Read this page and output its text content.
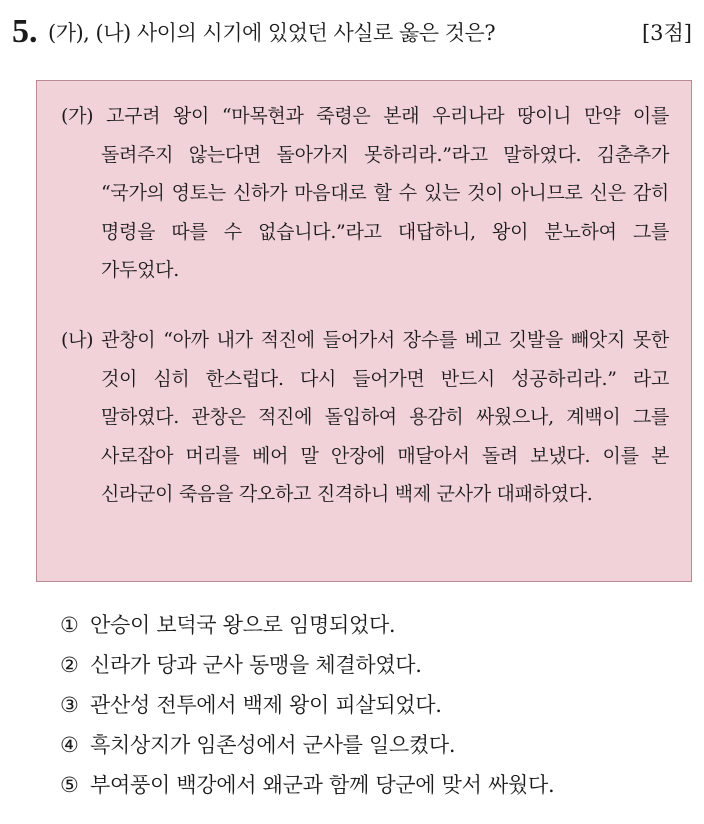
5. (가), (나) 사이의 시기에 있었던 사실로 옳은 것은?	[3점]
(가) 고구려 왕이 “마목현과 죽령은 본래 우리나라 땅이니 만약 이를 돌려주지 않는다면 돌아가지 못하리라.”라고 말하였다. 김춘추가 “국가의 영토는 신하가 마음대로 할 수 있는 것이 아니므로 신은 감히 명령을 따를 수 없습니다.”라고 대답하니, 왕이 분노하여 그를 가두었다.
(나) 관창이 “아까 내가 적진에 들어가서 장수를 베고 깃발을 빼앗지 못한 것이 심히 한스럽다. 다시 들어가면 반드시 성공하리라.” 라고 말하였다. 관창은 적진에 돌입하여 용감히 싸웠으나, 계백이 그를 사로잡아 머리를 베어 말 안장에 매달아서 돌려 보냈다. 이를 본 신라군이 죽음을 각오하고 진격하니 백제 군사가 대패하였다.
① 안승이 보덕국 왕으로 임명되었다.
② 신라가 당과 군사 동맹을 체결하였다.
③ 관산성 전투에서 백제 왕이 피살되었다.
④ 흑치상지가 임존성에서 군사를 일으켰다.
⑤ 부여풍이 백강에서 왜군과 함께 당군에 맞서 싸웠다.
